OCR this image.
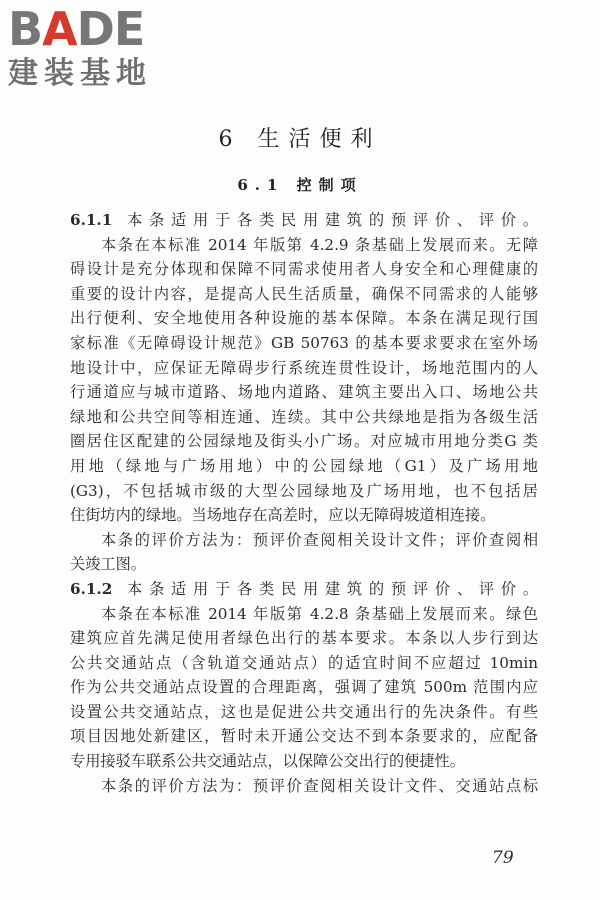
BADE
建装基地
6 生活便利
6.1 控制项
6.1.1 本条适用于各类民用建筑的预评价、评价。
本条在本标准 2014 年版第 4.2.9 条基础上发展而来。无障
碍设计是充分体现和保障不同需求使用者人身安全和心理健康的
重要的设计内容，是提高人民生活质量，确保不同需求的人能够
出行便利、安全地使用各种设施的基本保障。本条在满足现行国
家标准《无障碍设计规范》GB 50763 的基本要求要求在室外场
地设计中，应保证无障碍步行系统连贯性设计，场地范围内的人
行通道应与城市道路、场地内道路、建筑主要出入口、场地公共
绿地和公共空间等相连通、连续。其中公共绿地是指为各级生活
圈居住区配建的公园绿地及街头小广场。对应城市用地分类G 类
用地（绿地与广场用地）中的公园绿地（G1）及广场用地
(G3)，不包括城市级的大型公园绿地及广场用地，也不包括居
住街坊内的绿地。当场地存在高差时，应以无障碍坡道相连接。
本条的评价方法为：预评价查阅相关设计文件；评价查阅相
关竣工图。
6.1.2 本条适用于各类民用建筑的预评价、评价。
本条在本标准 2014 年版第 4.2.8 条基础上发展而来。绿色
建筑应首先满足使用者绿色出行的基本要求。本条以人步行到达
公共交通站点（含轨道交通站点）的适宜时间不应超过 10min
作为公共交通站点设置的合理距离，强调了建筑 500m 范围内应
设置公共交通站点，这也是促进公共交通出行的先决条件。有些
项目因地处新建区，暂时未开通公交达不到本条要求的，应配备
专用接驳车联系公共交通站点，以保障公交出行的便捷性。
本条的评价方法为：预评价查阅相关设计文件、交通站点标
79
